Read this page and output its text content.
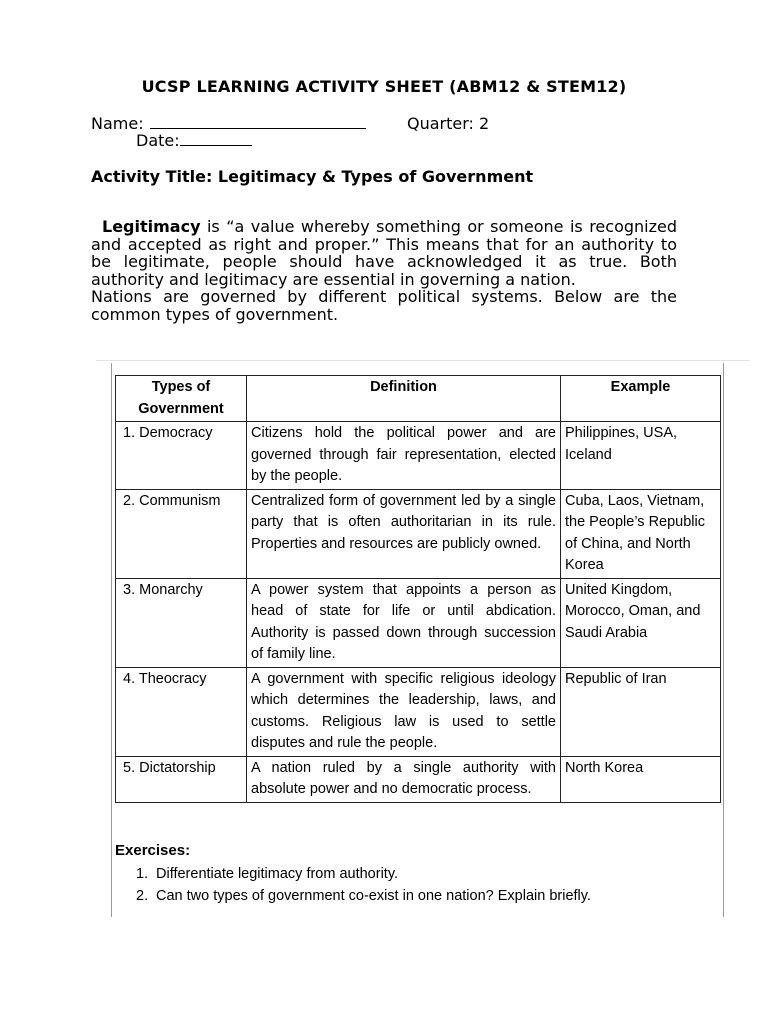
UCSP LEARNING ACTIVITY SHEET (ABM12 & STEM12)
Name:	Quarter: 2
Date:
Activity Title: Legitimacy & Types of Government

Legitimacy is “a value whereby something or someone is recognized and accepted as right and proper.” This means that for an authority to be legitimate, people should have acknowledged it as true. Both authority and legitimacy are essential in governing a nation.

Nations are governed by different political systems. Below are the common types of government.

Types of Government	Definition	Example
1. Democracy	Citizens hold the political power and are governed through fair representation, elected by the people.	Philippines, USA, Iceland
2. Communism	Centralized form of government led by a single party that is often authoritarian in its rule. Properties and resources are publicly owned.	Cuba, Laos, Vietnam, the People’s Republic of China, and North Korea
3. Monarchy	A power system that appoints a person as head of state for life or until abdication. Authority is passed down through succession of family line.	United Kingdom, Morocco, Oman, and Saudi Arabia
4. Theocracy	A government with specific religious ideology which determines the leadership, laws, and customs. Religious law is used to settle disputes and rule the people.	Republic of Iran
5. Dictatorship	A nation ruled by a single authority with absolute power and no democratic process.	North Korea
Exercises:
1. Differentiate legitimacy from authority.
2. Can two types of government co-exist in one nation? Explain briefly.
